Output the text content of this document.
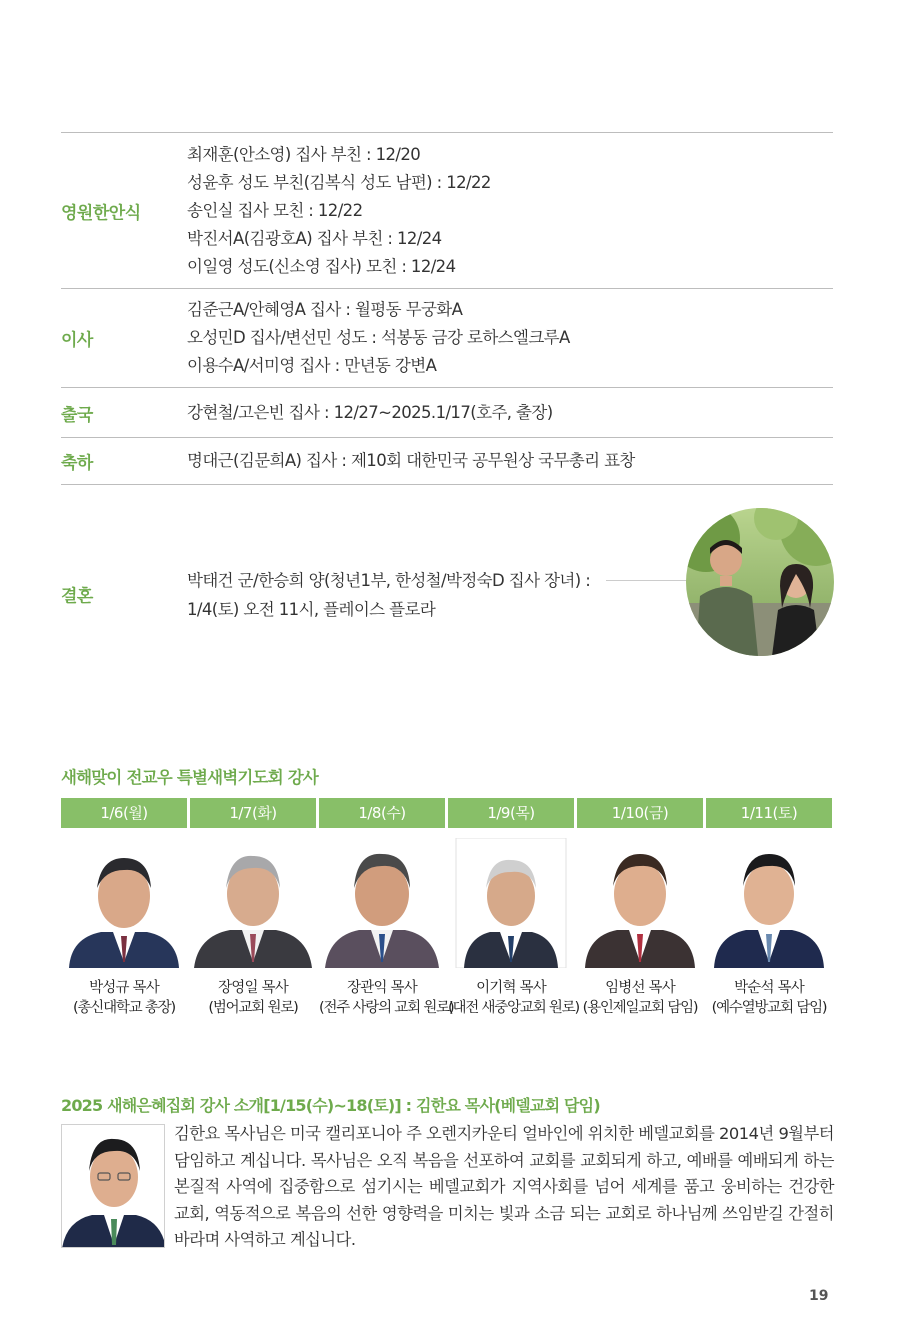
영원한안식
최재훈(안소영) 집사 부친 : 12/20
성윤후 성도 부친(김복식 성도 남편) : 12/22
송인실 집사 모친 : 12/22
박진서A(김광호A) 집사 부친 : 12/24
이일영 성도(신소영 집사) 모친 : 12/24
이사
김준근A/안혜영A 집사 : 월평동 무궁화A
오성민D 집사/변선민 성도 : 석봉동 금강 로하스엘크루A
이용수A/서미영 집사 : 만년동 강변A
출국	강현철/고은빈 집사 : 12/27~2025.1/17(호주, 출장)
축하	명대근(김문희A) 집사 : 제10회 대한민국 공무원상 국무총리 표창
결혼
박태건 군/한승희 양(청년1부, 한성철/박정숙D 집사 장녀) :
1/4(토) 오전 11시, 플레이스 플로라
새해맞이 전교우 특별새벽기도회 강사
1/6(월)
박성규 목사
(총신대학교 총장)
1/7(화)
장영일 목사
(범어교회 원로)
1/8(수)
장관익 목사
(전주 사랑의 교회 원로)
1/9(목)
이기혁 목사
(대전 새중앙교회 원로)
1/10(금)
임병선 목사
(용인제일교회 담임)
1/11(토)
박순석 목사
(예수열방교회 담임)
2025 새해은혜집회 강사 소개[1/15(수)~18(토)] : 김한요 목사(베델교회 담임)
김한요 목사님은 미국 캘리포니아 주 오렌지카운티 얼바인에 위치한 베델교회를 2014년 9월부터 담임하고 계십니다. 목사님은 오직 복음을 선포하여 교회를 교회되게 하고, 예배를 예배되게 하는 본질적 사역에 집중함으로 섬기시는 베델교회가 지역사회를 넘어 세계를 품고 웅비하는 건강한 교회, 역동적으로 복음의 선한 영향력을 미치는 빛과 소금 되는 교회로 하나님께 쓰임받길 간절히 바라며 사역하고 계십니다.
19
